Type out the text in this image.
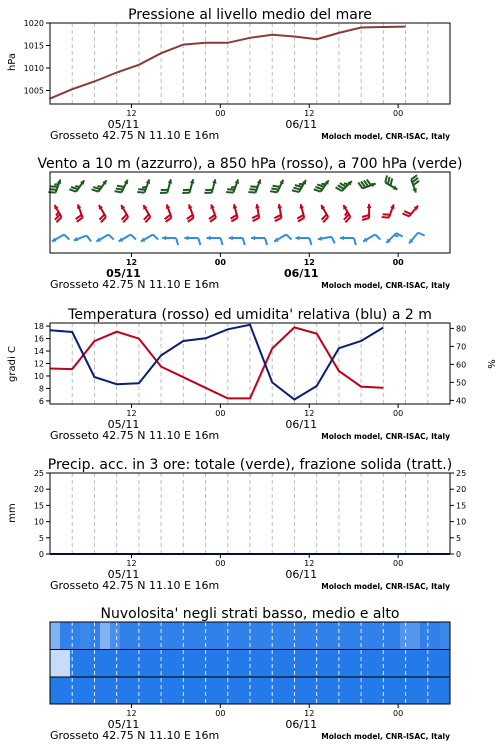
Pressione al livello medio del mare
hPa
1005
1010
1015
1020
12	00	12	00
05/11	06/11
Grosseto 42.75 N 11.10 E 16m	Moloch model, CNR-ISAC, Italy
Vento a 10 m (azzurro), a 850 hPa (rosso), a 700 hPa (verde)
12	00	12	00
05/11	06/11
Grosseto 42.75 N 11.10 E 16m	Moloch model, CNR-ISAC, Italy
Temperatura (rosso) ed umidita' relativa (blu) a 2 m
gradi C	%
6
8
10
12
14
16
18
40
50
60
70
80
12	00	12	00
05/11	06/11
Grosseto 42.75 N 11.10 E 16m	Moloch model, CNR-ISAC, Italy
Precip. acc. in 3 ore: totale (verde), frazione solida (tratt.)
mm
0
5
10
15
20
25
0
5
10
15
20
25
12	00	12	00
05/11	06/11
Grosseto 42.75 N 11.10 E 16m	Moloch model, CNR-ISAC, Italy
Nuvolosita' negli strati basso, medio e alto
12	00	12	00
05/11	06/11
Grosseto 42.75 N 11.10 E 16m	Moloch model, CNR-ISAC, Italy
